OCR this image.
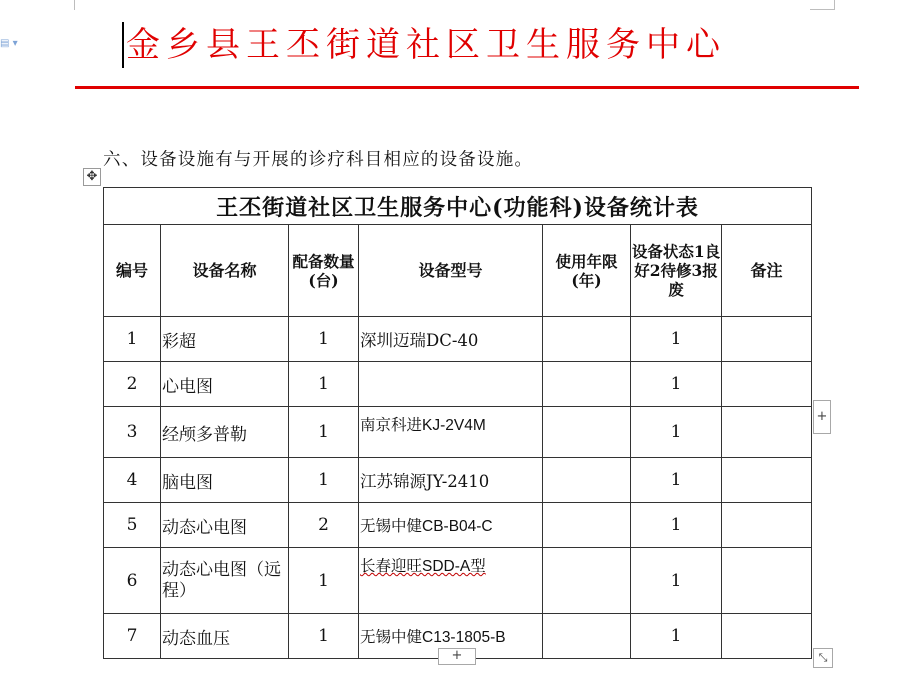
▤ ▾	金乡县王丕街道社区卫生服务中心
六、设备设施有与开展的诊疗科目相应的设备设施。
✥
王丕街道社区卫生服务中心(功能科)设备统计表						
编号	设备名称	配备数量(台)	设备型号	使用年限(年)	设备状态1良好2待修3报废	备注
1	彩超	1	深圳迈瑞DC-40		1	
2	心电图	1			1	
3	经颅多普勒	1	南京科进KJ-2V4M		1	
4	脑电图	1	江苏锦源JY-2410		1	
5	动态心电图	2	无锡中健CB-B04-C		1	
6	动态心电图（远程）	1	长春迎旺SDD-A型		1	
7	动态血压	1	无锡中健C13-1805-B		1	
+
+	⤡
